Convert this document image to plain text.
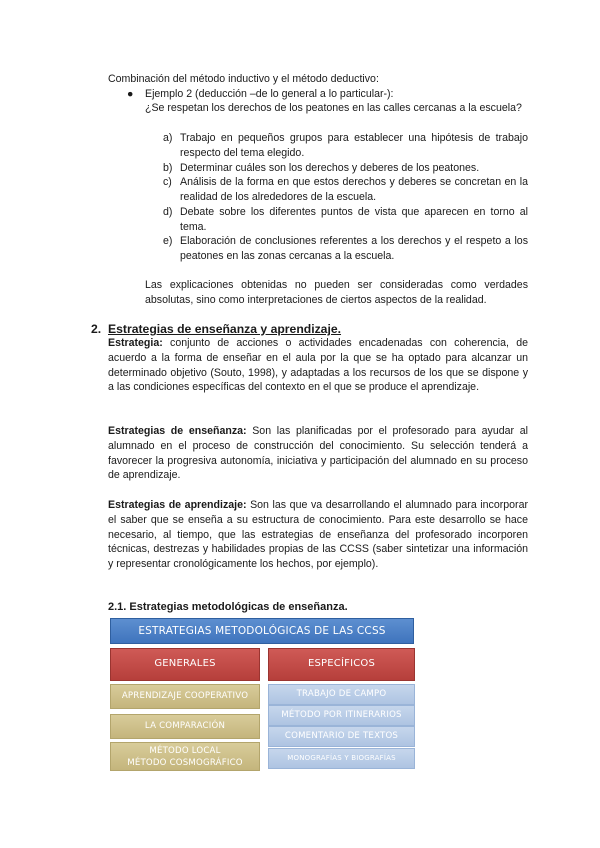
Combinación del método inductivo y el método deductivo:
● Ejemplo 2 (deducción –de lo general a lo particular-):
¿Se respetan los derechos de los peatones en las calles cercanas a la escuela?
a) Trabajo en pequeños grupos para establecer una hipótesis de trabajo respecto del tema elegido.
b) Determinar cuáles son los derechos y deberes de los peatones.
c) Análisis de la forma en que estos derechos y deberes se concretan en la realidad de los alrededores de la escuela.
d) Debate sobre los diferentes puntos de vista que aparecen en torno al tema.
e) Elaboración de conclusiones referentes a los derechos y el respeto a los peatones en las zonas cercanas a la escuela.
Las explicaciones obtenidas no pueden ser consideradas como verdades absolutas, sino como interpretaciones de ciertos aspectos de la realidad.
2. Estrategias de enseñanza y aprendizaje.
Estrategia: conjunto de acciones o actividades encadenadas con coherencia, de acuerdo a la forma de enseñar en el aula por la que se ha optado para alcanzar un determinado objetivo (Souto, 1998), y adaptadas a los recursos de los que se dispone y a las condiciones específicas del contexto en el que se produce el aprendizaje.
Estrategias de enseñanza: Son las planificadas por el profesorado para ayudar al alumnado en el proceso de construcción del conocimiento. Su selección tenderá a favorecer la progresiva autonomía, iniciativa y participación del alumnado en su proceso de aprendizaje.
Estrategias de aprendizaje: Son las que va desarrollando el alumnado para incorporar el saber que se enseña a su estructura de conocimiento. Para este desarrollo se hace necesario, al tiempo, que las estrategias de enseñanza del profesorado incorporen técnicas, destrezas y habilidades propias de las CCSS (saber sintetizar una información y representar cronológicamente los hechos, por ejemplo).
2.1. Estrategias metodológicas de enseñanza.
ESTRATEGIAS METODOLÓGICAS DE LAS CCSS
GENERALES	ESPECÍFICOS
APRENDIZAJE COOPERATIVO
LA COMPARACIÓN
MÉTODO LOCAL
MÉTODO COSMOGRÁFICO
TRABAJO DE CAMPO
MÉTODO POR ITINERARIOS
COMENTARIO DE TEXTOS
MONOGRAFÍAS Y BIOGRAFÍAS
